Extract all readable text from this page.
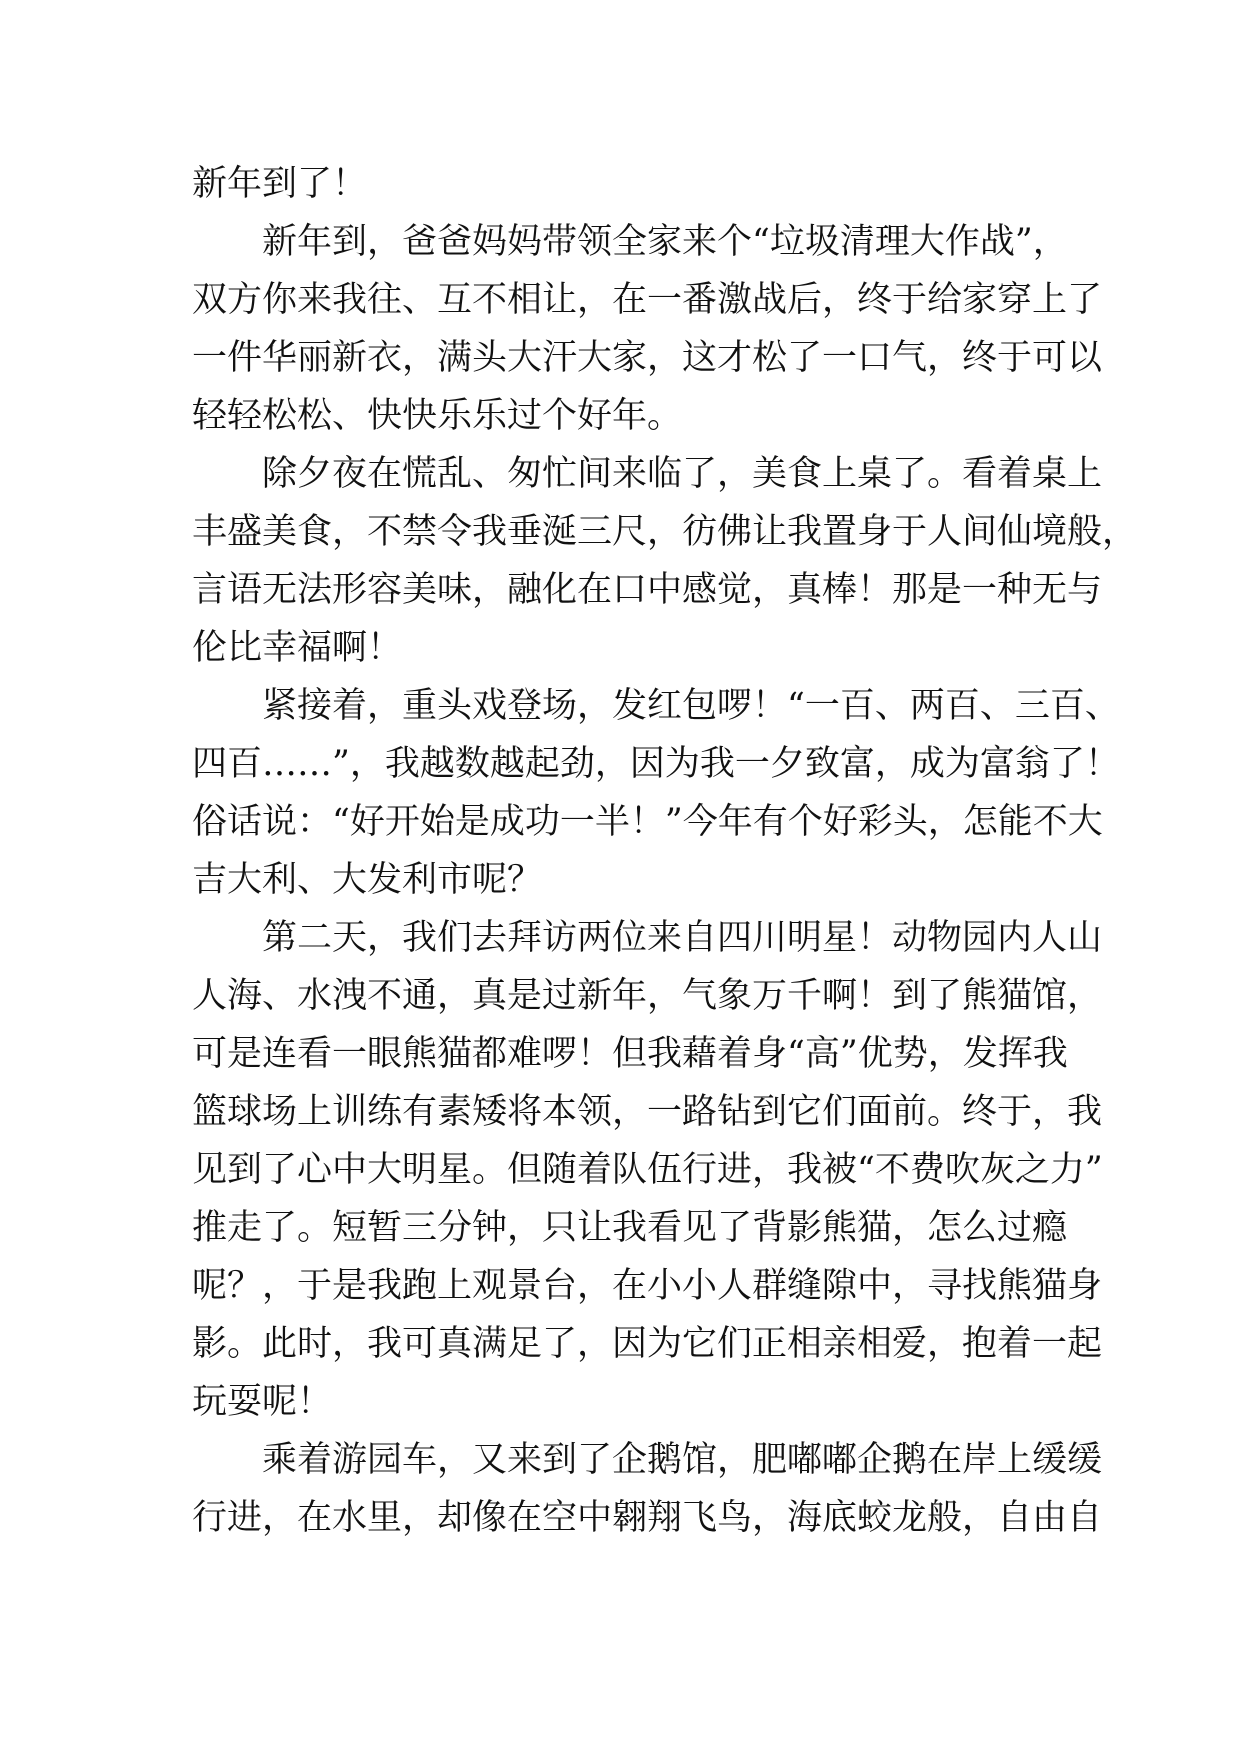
新年到了！
新年到，爸爸妈妈带领全家来个“垃圾清理大作战”，
双方你来我往、互不相让，在一番激战后，终于给家穿上了
一件华丽新衣，满头大汗大家，这才松了一口气，终于可以
轻轻松松、快快乐乐过个好年。
除夕夜在慌乱、匆忙间来临了，美食上桌了。看着桌上
丰盛美食，不禁令我垂涎三尺，彷佛让我置身于人间仙境般，
言语无法形容美味，融化在口中感觉，真棒！那是一种无与
伦比幸福啊！
紧接着，重头戏登场，发红包啰！“一百、两百、三百、
四百……”，我越数越起劲，因为我一夕致富，成为富翁了！
俗话说：“好开始是成功一半！”今年有个好彩头，怎能不大
吉大利、大发利市呢？
第二天，我们去拜访两位来自四川明星！动物园内人山
人海、水洩不通，真是过新年，气象万千啊！到了熊猫馆，
可是连看一眼熊猫都难啰！但我藉着身“高”优势，发挥我
篮球场上训练有素矮将本领，一路钻到它们面前。终于，我
见到了心中大明星。但随着队伍行进，我被“不费吹灰之力”
推走了。短暂三分钟，只让我看见了背影熊猫，怎么过瘾
呢？，于是我跑上观景台，在小小人群缝隙中，寻找熊猫身
影。此时，我可真满足了，因为它们正相亲相爱，抱着一起
玩耍呢！
乘着游园车，又来到了企鹅馆，肥嘟嘟企鹅在岸上缓缓
行进，在水里，却像在空中翱翔飞鸟，海底蛟龙般，自由自
